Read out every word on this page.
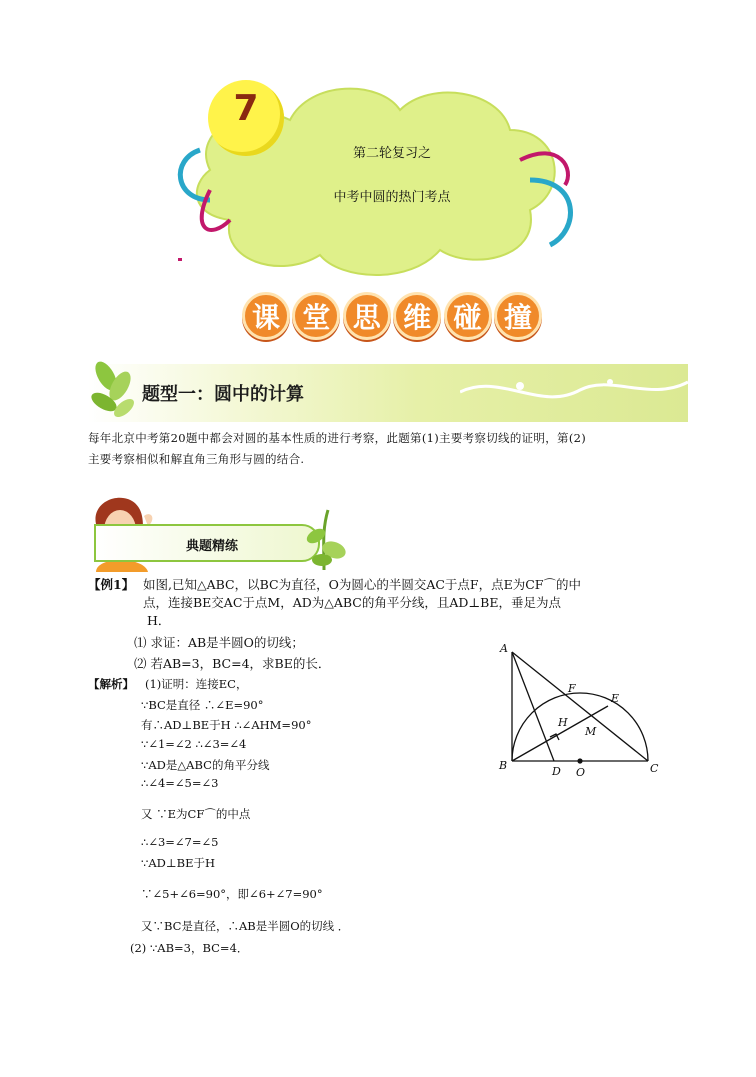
7
第二轮复习之
中考中圆的热门考点
课 堂 思 维 碰 撞
题型一：圆中的计算
每年北京中考第20题中都会对圆的基本性质的进行考察，此题第(1)主要考察切线的证明，第(2)
主要考察相似和解直角三角形与圆的结合.
典题精练
【例1】 如图,已知△ABC，以BC为直径，O为圆心的半圆交AC于点F，点E为CF⌒的中
点，连接BE交AC于点M，AD为△ABC的角平分线，且AD⊥BE，垂足为点
H．
⑴ 求证：AB是半圆O的切线；
⑵ 若AB=3，BC=4，求BE的长．
【解析】 (1)证明：连接EC，
∵BC是直径 ∴∠E=90°
有∴AD⊥BE于H ∴∠AHM=90°
∵∠1=∠2 ∴∠3=∠4
∵AD是△ABC的角平分线
∴∠4=∠5=∠3
又 ∵E为CF⌒的中点
∴∠3=∠7=∠5
∵AD⊥BE于H
∵∠5+∠6=90°，即∠6+∠7=90°
又∵BC是直径，∴AB是半圆O的切线 ．
(2) ∵AB=3，BC=4．
A
B	C
D O
F
E
H
M
